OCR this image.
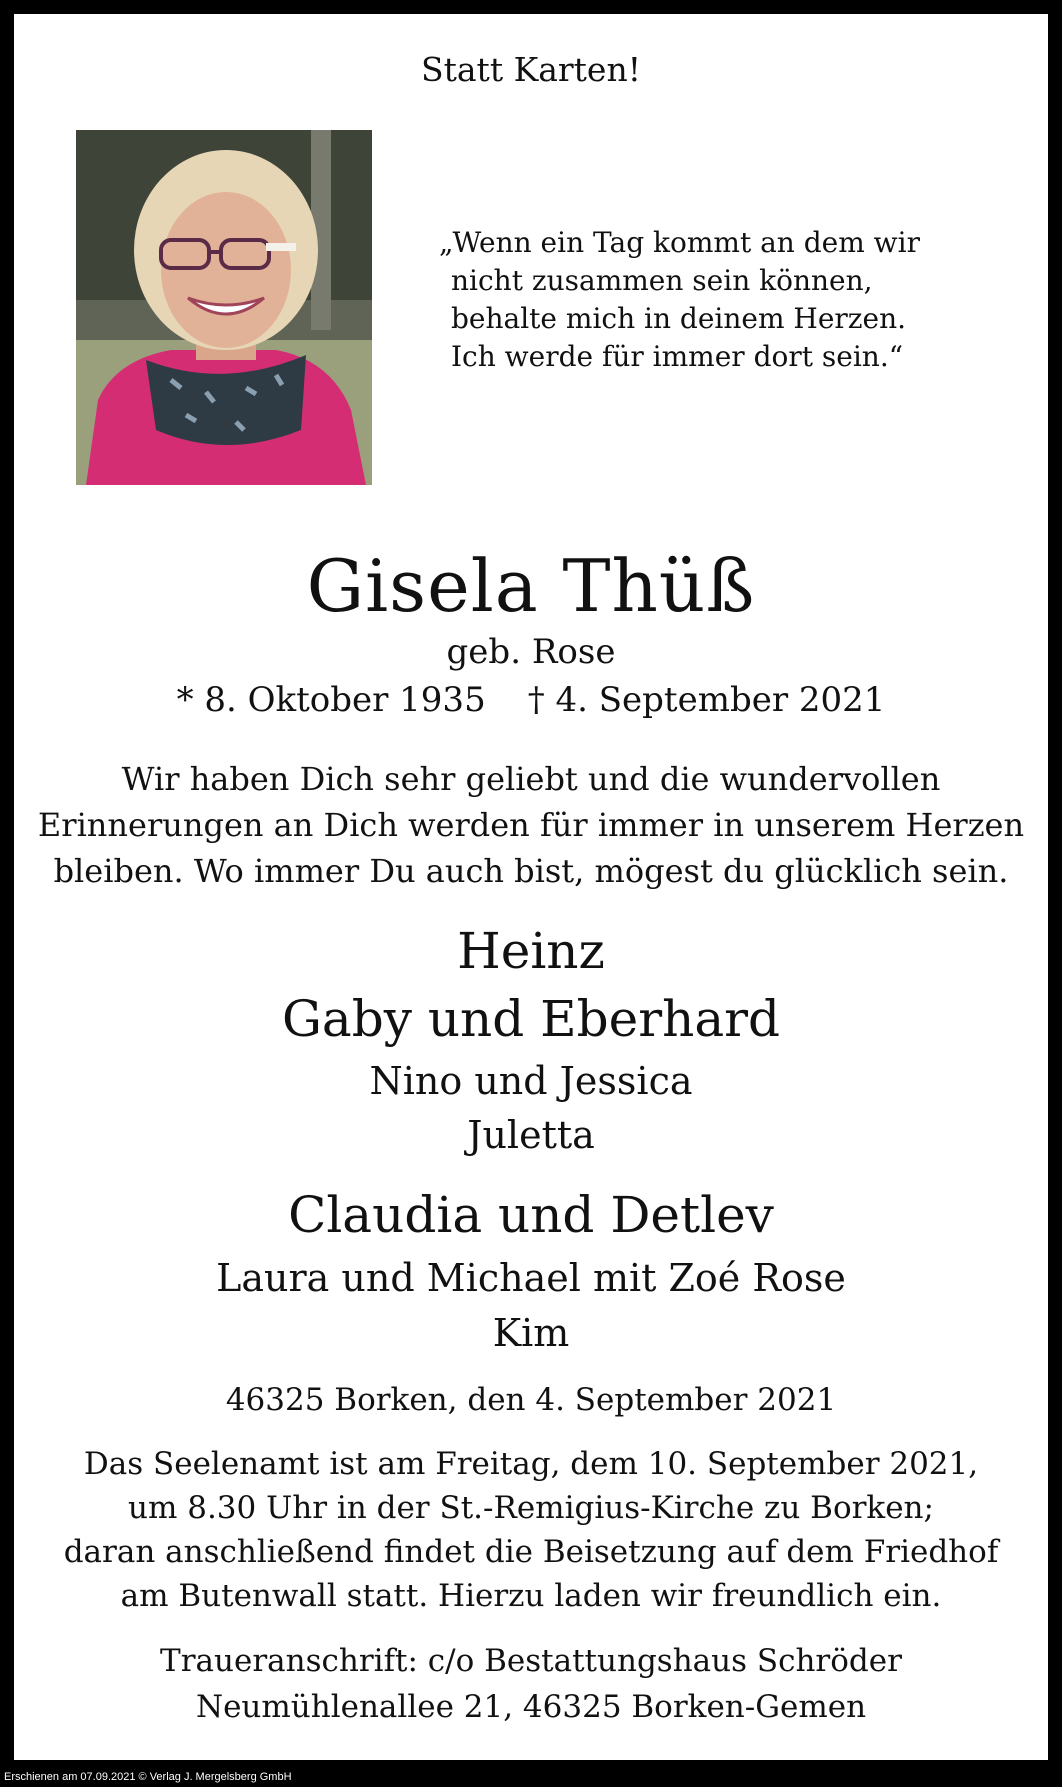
Statt Karten!
„Wenn ein Tag kommt an dem wir
nicht zusammen sein können,
behalte mich in deinem Herzen.
Ich werde für immer dort sein.“
Gisela Thüß
geb. Rose
* 8. Oktober 1935 † 4. September 2021
Wir haben Dich sehr geliebt und die wundervollen
Erinnerungen an Dich werden für immer in unserem Herzen
bleiben. Wo immer Du auch bist, mögest du glücklich sein.
Heinz
Gaby und Eberhard
Nino und Jessica
Juletta
Claudia und Detlev
Laura und Michael mit Zoé Rose
Kim
46325 Borken, den 4. September 2021
Das Seelenamt ist am Freitag, dem 10. September 2021,
um 8.30 Uhr in der St.-Remigius-Kirche zu Borken;
daran anschließend findet die Beisetzung auf dem Friedhof
am Butenwall statt. Hierzu laden wir freundlich ein.
Traueranschrift: c/o Bestattungshaus Schröder
Neumühlenallee 21, 46325 Borken-Gemen
Erschienen am 07.09.2021 © Verlag J. Mergelsberg GmbH
